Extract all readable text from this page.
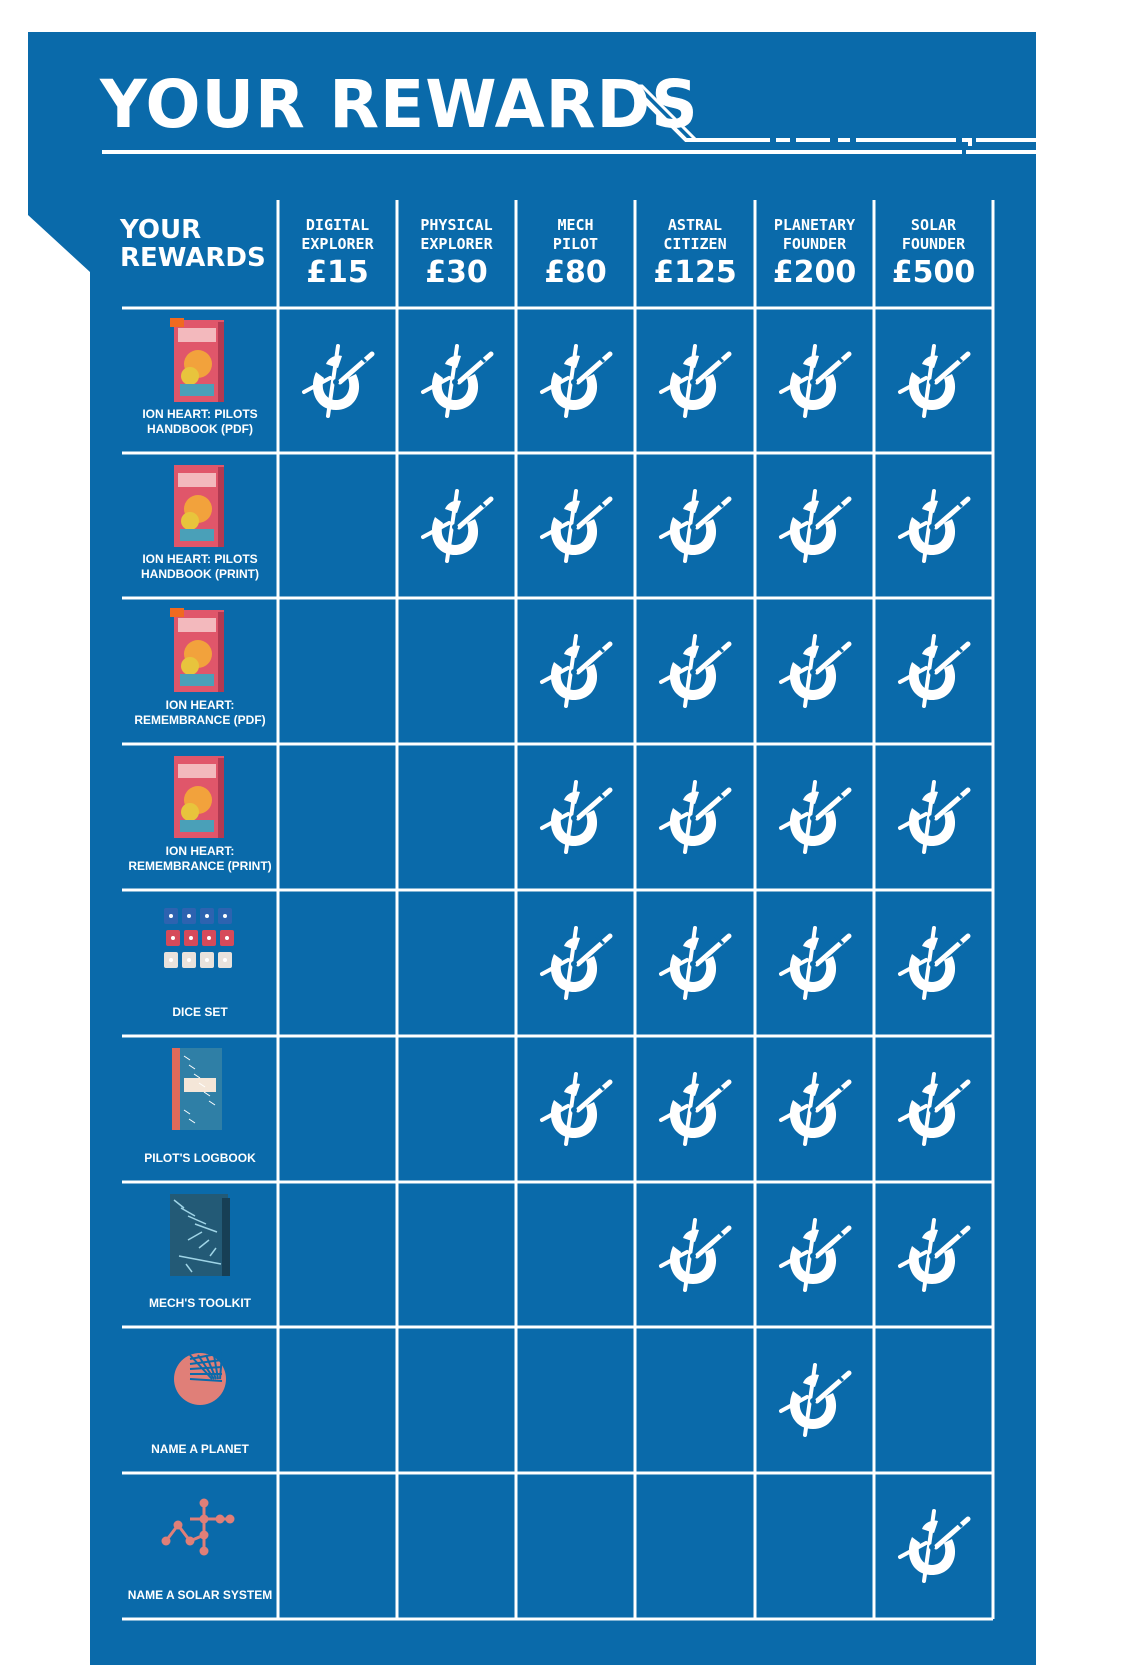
YOUR REWARDS
YOUR
REWARDS
DIGITAL
EXPLORER
£15
PHYSICAL
EXPLORER
£30
MECH
PILOT
£80
ASTRAL
CITIZEN
£125
PLANETARY
FOUNDER
£200
SOLAR
FOUNDER
£500
ION HEART: PILOTS
HANDBOOK (PDF)
ION HEART: PILOTS
HANDBOOK (PRINT)
ION HEART:
REMEMBRANCE (PDF)
ION HEART:
REMEMBRANCE (PRINT)
DICE SET
PILOT'S LOGBOOK
MECH'S TOOLKIT
NAME A PLANET
NAME A SOLAR SYSTEM
